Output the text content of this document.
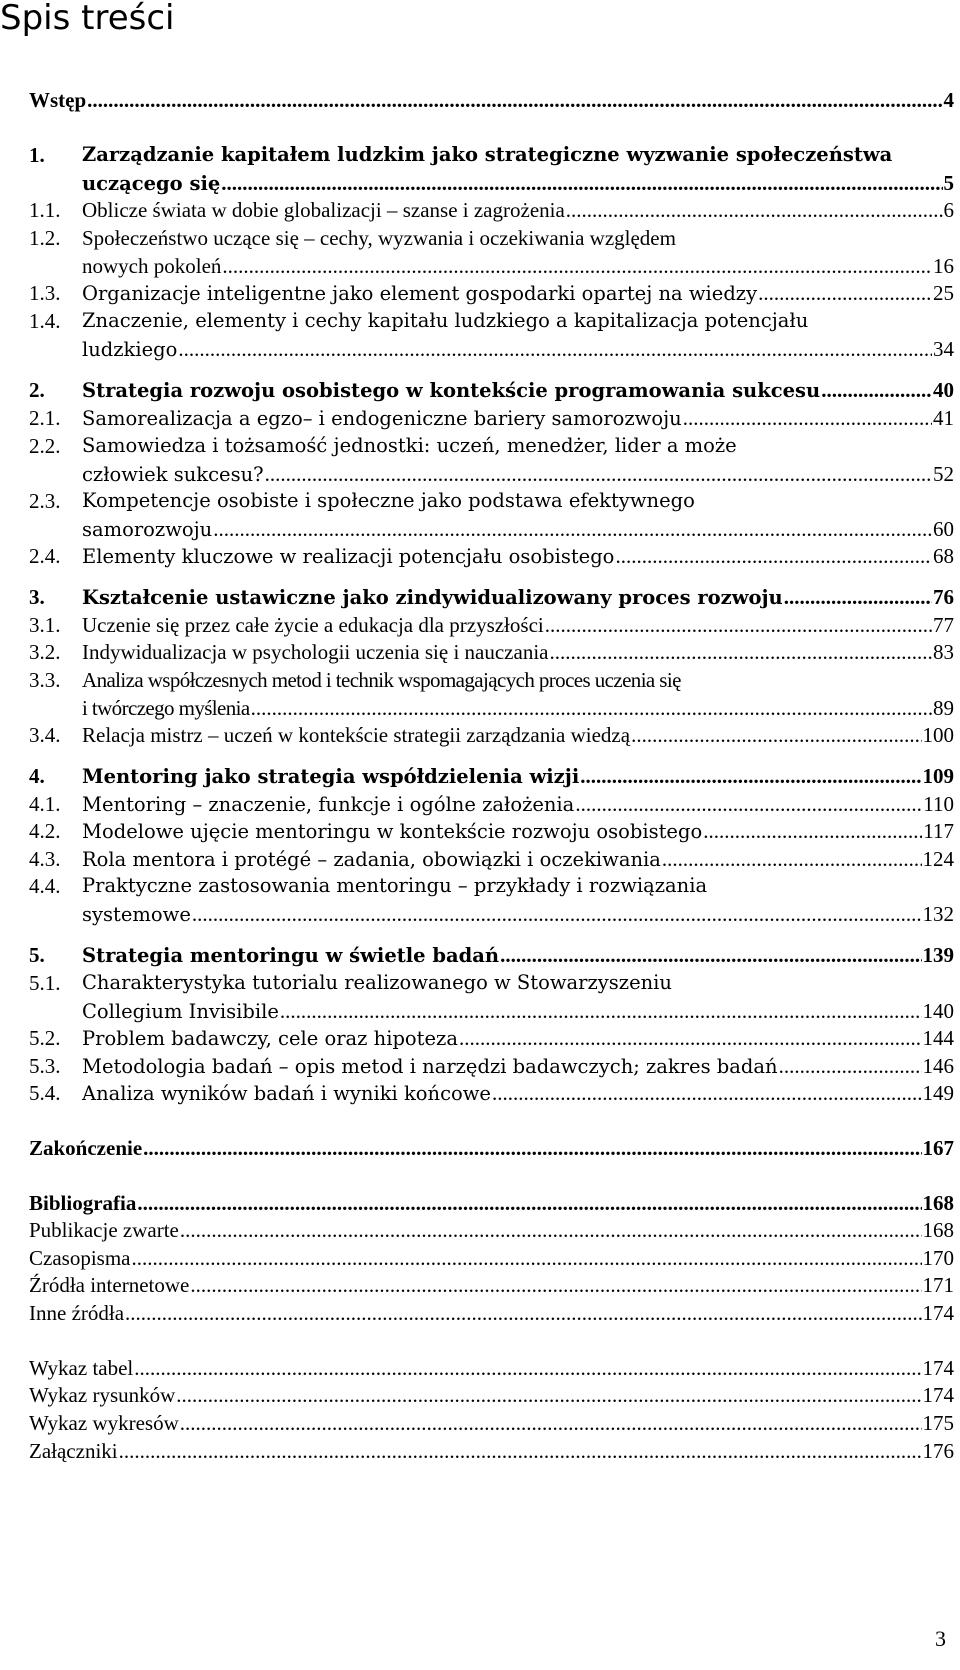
Spis treści
Wstęp .....	4
1. Zarządzanie kapitałem ludzkim jako strategiczne wyzwanie społeczeństwa
uczącego się .....	5
1.1. Oblicze świata w dobie globalizacji – szanse i zagrożenia .....	6
1.2. Społeczeństwo uczące się – cechy, wyzwania i oczekiwania względem
nowych pokoleń .....	16
1.3. Organizacje inteligentne jako element gospodarki opartej na wiedzy .....	25
1.4. Znaczenie, elementy i cechy kapitału ludzkiego a kapitalizacja potencjału
ludzkiego .....	34
2. Strategia rozwoju osobistego w kontekście programowania sukcesu .....	40
2.1. Samorealizacja a egzo– i endogeniczne bariery samorozwoju .....	41
2.2. Samowiedza i tożsamość jednostki: uczeń, menedżer, lider a może
człowiek sukcesu? .....	52
2.3. Kompetencje osobiste i społeczne jako podstawa efektywnego
samorozwoju .....	60
2.4. Elementy kluczowe w realizacji potencjału osobistego .....	68
3. Kształcenie ustawiczne jako zindywidualizowany proces rozwoju .....	76
3.1. Uczenie się przez całe życie a edukacja dla przyszłości .....	77
3.2. Indywidualizacja w psychologii uczenia się i nauczania .....	83
3.3. Analiza współczesnych metod i technik wspomagających proces uczenia się
i twórczego myślenia .....	89
3.4. Relacja mistrz – uczeń w kontekście strategii zarządzania wiedzą .....	100
4. Mentoring jako strategia współdzielenia wizji .....	109
4.1. Mentoring – znaczenie, funkcje i ogólne założenia .....	110
4.2. Modelowe ujęcie mentoringu w kontekście rozwoju osobistego .....	117
4.3. Rola mentora i protégé – zadania, obowiązki i oczekiwania .....	124
4.4. Praktyczne zastosowania mentoringu – przykłady i rozwiązania
systemowe .....	132
5. Strategia mentoringu w świetle badań .....	139
5.1. Charakterystyka tutorialu realizowanego w Stowarzyszeniu
Collegium Invisibile .....	140
5.2. Problem badawczy, cele oraz hipoteza .....	144
5.3. Metodologia badań – opis metod i narzędzi badawczych; zakres badań .....	146
5.4. Analiza wyników badań i wyniki końcowe .....	149
Zakończenie .....	167
Bibliografia .....	168
Publikacje zwarte .....	168
Czasopisma .....	170
Źródła internetowe .....	171
Inne źródła .....	174
Wykaz tabel .....	174
Wykaz rysunków .....	174
Wykaz wykresów .....	175
Załączniki .....	176
3
